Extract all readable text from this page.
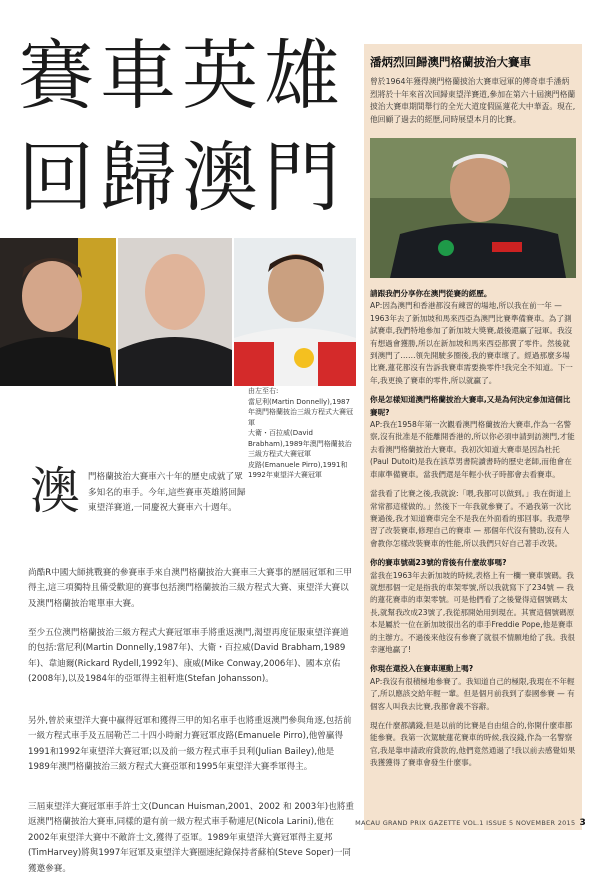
賽車英雄
回歸澳門

由左至右:

當尼利(Martin Donnelly),1987年澳門格蘭披治三級方程式大賽冠軍

大衛・百拉威(David Brabham),1989年澳門格蘭披治三級方程式大賽冠軍

皮路(Emanuele Pirro),1991和1992年東望洋大賽冠軍

澳 門格蘭披治大賽車六十年的歷史成就了眾多知名的車手。今年,這些賽車英雄將回歸東望洋賽道,一同慶祝大賽車六十週年。
尚酷R中國大師挑戰賽的參賽車手來自澳門格蘭披治大賽車三大賽事的歷屆冠軍和三甲得主,這三項獨特且備受歡迎的賽事包括澳門格蘭披治三級方程式大賽、東望洋大賽以及澳門格蘭披治電單車大賽。
至少五位澳門格蘭披治三級方程式大賽冠軍車手將重返澳門,渴望再度征服東望洋賽道的包括:當尼利(Martin Donnelly,1987年)、大衛・百拉威(David Brabham,1989年)、韋迪爾(Rickard Rydell,1992年)、康威(Mike Conway,2006年)、國本京佑(2008年),以及1984年的亞軍得主祖軒進(Stefan Johansson)。
另外,曾於東望洋大賽中贏得冠軍和獲得三甲的知名車手也將重返澳門參與角逐,包括前一級方程式車手及五屆勒芒二十四小時耐力賽冠軍皮路(Emanuele Pirro),他曾贏得1991和1992年東望洋大賽冠軍;以及前一級方程式車手貝利(Julian Bailey),他是1989年澳門格蘭披治三級方程式大賽亞軍和1995年東望洋大賽季軍得主。
三屆東望洋大賽冠軍車手許士文(Duncan Huisman,2001、2002 和 2003年)也將重返澳門格蘭披治大賽車,同樣的還有前一級方程式車手勒連尼(Nicola Larini),他在2002年東望洋大賽中不敵許士文,獲得了亞軍。1989年東望洋大賽冠軍得主夏邦(TimHarvey)將與1997年冠軍及東望洋大賽圈速紀錄保持者蘇柏(Steve Soper)一同獲邀參賽。
潘炳烈回歸澳門格蘭披治大賽車
曾於1964年獲得澳門格蘭披治大賽車冠軍的傳奇車手潘炳烈將於十年來首次回歸東望洋賽道,參加在第六十屆澳門格蘭披治大賽車期間舉行的全光大道度假區蓮花大中華盃。現在,他回顧了過去的經歷,同時展望本月的比賽。

請跟我們分享你在澳門從賽的經歷。

AP:因為澳門和香港都沒有練習的場地,所以我在前一年 — 1963年去了新加坡和馬來西亞為澳門比賽準備賽車。為了測試賽車,我們特地參加了新加坡大獎賽,最後還贏了冠軍。我沒有想過會獲勝,所以在新加坡和馬來西亞都賣了零件。然後就到澳門了……領先開駛多圈後,我的賽車壞了。經過那麼多場比賽,蓮花都沒有告訴我賽車需要換零件!我完全不知道。下一年,我更換了賽車的零件,所以就贏了。

你是怎樣知道澳門格蘭披治大賽車,又是為何決定參加這個比賽呢?

AP:我在1958年第一次觀看澳門格蘭披治大賽車,作為一名警察,沒有批准是不能離開香港的,所以你必須申請到訪澳門,才能去看澳門格蘭披治大賽車。我初次知道大賽車是因為杜托(Paul Dutoit)是我在該草男書院讀書時的歷史老師,而他會在車庫準備賽車。當我們還是年輕小伙子時都會去看賽車。

當我看了比賽之後,我就說:「喂,我都可以做到。」我在街道上常常都這樣做的。」然後下一年我就參賽了。不過我第一次比賽過後,我才知道賽車完全不是我在外面看的那回事。我還學習了改裝賽車,修理自己的賽車 — 那個年代沒有贊助,沒有人會教你怎樣改裝賽車的性能,所以我們只好自己著手改裝。

你的賽車號碼23號的背後有什麼故事嗎?

當我在1963年去新加坡的時候,表格上有一欄一賽車號碼。我就想那個一定是指我的車架零號,所以我就寫下了234號 — 我的蓮花賽車的車架零號。可是他們看了之後覺得這個號碼太長,就幫我改成23號了,我從那開始用到現在。其實這個號碼原本是屬於一位在新加坡很出名的車手Freddie Pope,他是賽車的主辦方。不過後來他沒有參賽了就很不情願地給了我。我很幸運地贏了!

你現在還投入在賽車運動上嗎?

AP:我沒有很積極地參賽了。我知道自己的極限,我現在不年輕了,所以應該交給年輕一輩。但是個月前我到了泰國參賽 — 有個客人叫我去比賽,我都會義不容辭。

現在什麼都講錢,但是以前的比賽是自由組合的,你開什麼車都能參賽。我第一次駕駛蓮花賽車的時候,我沒錢,作為一名警察官,我是靠申請政府貸款的,他們竟然通過了!我以前去感覺如果我獲獲得了賽車會發生什麼事。

MACAU GRAND PRIX GAZETTE VOL.1 ISSUE 5 NOVEMBER 2015 3
